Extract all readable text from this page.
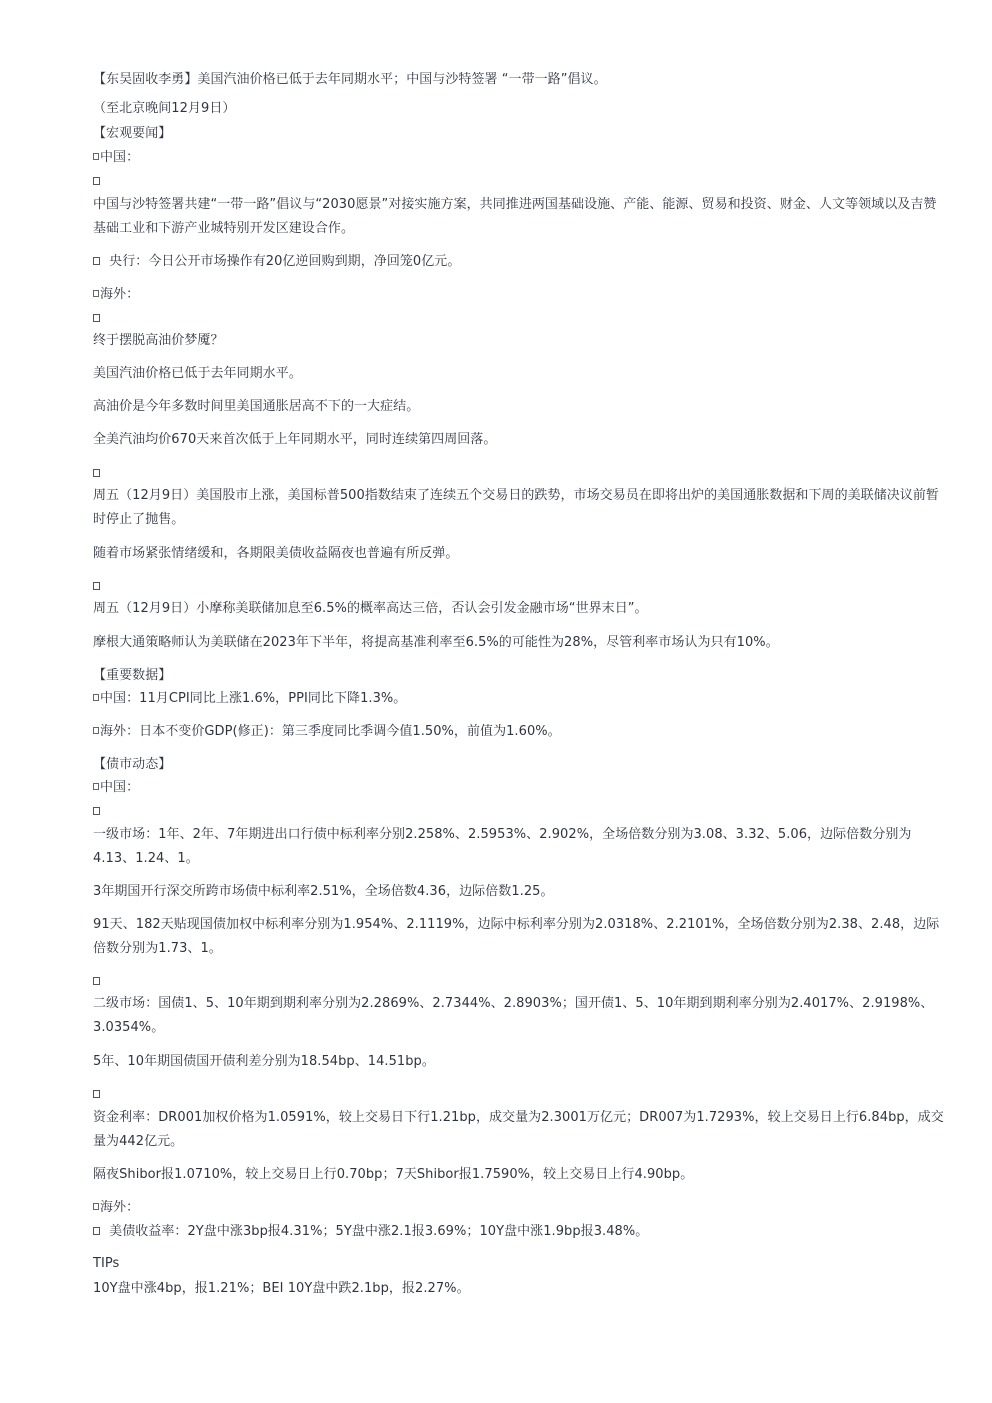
【东吴固收李勇】美国汽油价格已低于去年同期水平；中国与沙特签署 “一带一路”倡议。
（至北京晚间12月9日）
【宏观要闻】
中国：
中国与沙特签署共建“一带一路”倡议与“2030愿景”对接实施方案，共同推进两国基础设施、产能、能源、贸易和投资、财金、人文等领域以及吉赞基础工业和下游产业城特别开发区建设合作。
央行：今日公开市场操作有20亿逆回购到期，净回笼0亿元。
海外：
终于摆脱高油价梦魇？
美国汽油价格已低于去年同期水平。
高油价是今年多数时间里美国通胀居高不下的一大症结。
全美汽油均价670天来首次低于上年同期水平，同时连续第四周回落。
周五（12月9日）美国股市上涨，美国标普500指数结束了连续五个交易日的跌势，市场交易员在即将出炉的美国通胀数据和下周的美联储决议前暂时停止了抛售。
随着市场紧张情绪缓和，各期限美债收益隔夜也普遍有所反弹。
周五（12月9日）小摩称美联储加息至6.5%的概率高达三倍，否认会引发金融市场“世界末日”。
摩根大通策略师认为美联储在2023年下半年，将提高基准利率至6.5%的可能性为28%，尽管利率市场认为只有10%。
【重要数据】
中国：11月CPI同比上涨1.6%，PPI同比下降1.3%。
海外：日本不变价GDP(修正)：第三季度同比季调今值1.50%，前值为1.60%。
【债市动态】
中国：
一级市场：1年、2年、7年期进出口行债中标利率分别2.258%、2.5953%、2.902%，全场倍数分别为3.08、3.32、5.06，边际倍数分别为4.13、1.24、1。
3年期国开行深交所跨市场债中标利率2.51%，全场倍数4.36，边际倍数1.25。
91天、182天贴现国债加权中标利率分别为1.954%、2.1119%，边际中标利率分别为2.0318%、2.2101%，全场倍数分别为2.38、2.48，边际倍数分别为1.73、1。
二级市场：国债1、5、10年期到期利率分别为2.2869%、2.7344%、2.8903%；国开债1、5、10年期到期利率分别为2.4017%、2.9198%、3.0354%。
5年、10年期国债国开债利差分别为18.54bp、14.51bp。
资金利率：DR001加权价格为1.0591%，较上交易日下行1.21bp，成交量为2.3001万亿元；DR007为1.7293%，较上交易日上行6.84bp，成交量为442亿元。
隔夜Shibor报1.0710%，较上交易日上行0.70bp；7天Shibor报1.7590%，较上交易日上行4.90bp。
海外：
美债收益率：2Y盘中涨3bp报4.31%；5Y盘中涨2.1报3.69%；10Y盘中涨1.9bp报3.48%。
TIPs
10Y盘中涨4bp，报1.21%；BEI 10Y盘中跌2.1bp，报2.27%。
